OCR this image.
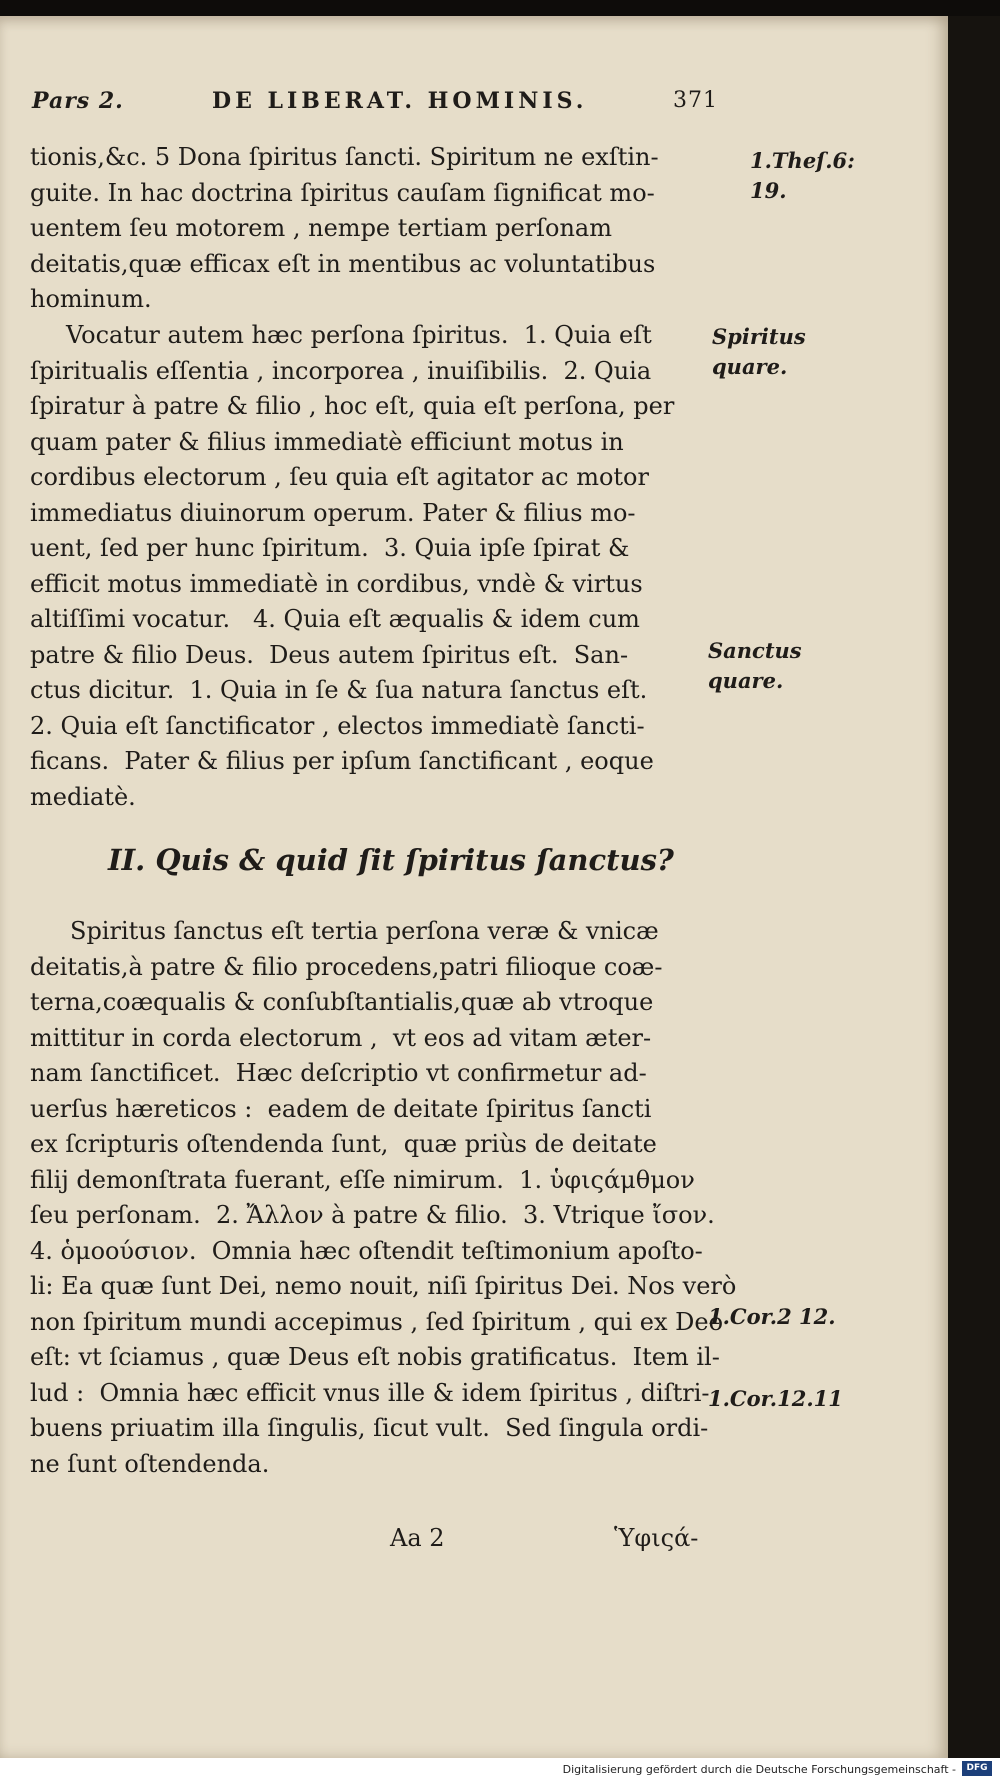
Pars 2.	DE LIBERAT. HOMINIS.	371

tionis,&c. 5 Dona ſpiritus ſancti. Spiritum ne exſtin-

guite. In hac doctrina ſpiritus cauſam ſignificat mo-

uentem ſeu motorem , nempe tertiam perſonam

deitatis,quæ efficax eſt in mentibus ac voluntatibus

hominum.

Vocatur autem hæc perſona ſpiritus.  1. Quia eſt

ſpiritualis eſſentia , incorporea , inuiſibilis.  2. Quia

ſpiratur à patre & filio , hoc eſt, quia eſt perſona, per

quam pater & filius immediatè efficiunt motus in

cordibus electorum , ſeu quia eſt agitator ac motor

immediatus diuinorum operum. Pater & filius mo-

uent, ſed per hunc ſpiritum.  3. Quia ipſe ſpirat &

efficit motus immediatè in cordibus, vndè & virtus

altiſſimi vocatur.   4. Quia eſt æqualis & idem cum

patre & filio Deus.  Deus autem ſpiritus eſt.  San-

ctus dicitur.  1. Quia in ſe & ſua natura ſanctus eſt.

2. Quia eſt ſanctificator , electos immediatè ſancti-

ficans.  Pater & filius per ipſum ſanctificant , eoque

mediatè.

II. Quis & quid ſit ſpiritus ſanctus?

Spiritus ſanctus eſt tertia perſona veræ & vnicæ

deitatis,à patre & filio procedens,patri filioque coæ-

terna,coæqualis & conſubſtantialis,quæ ab vtroque

mittitur in corda electorum ,  vt eos ad vitam æter-

nam ſanctificet.  Hæc deſcriptio vt confirmetur ad-

uerſus hæreticos :  eadem de deitate ſpiritus ſancti

ex ſcripturis oſtendenda ſunt,  quæ priùs de deitate

filij demonſtrata fuerant, eſſe nimirum.  1. ὑφιςάμθμον

ſeu perſonam.  2. Ἄλλον à patre & filio.  3. Vtrique ἴσον.

4. ὁμοούσιον.  Omnia hæc oſtendit teſtimonium apoſto-

li: Ea quæ ſunt Dei, nemo nouit, niſi ſpiritus Dei. Nos verò

non ſpiritum mundi accepimus , ſed ſpiritum , qui ex Deo

eſt: vt ſciamus , quæ Deus eſt nobis gratificatus.  Item il-

lud :  Omnia hæc efficit vnus ille & idem ſpiritus , diſtri-

buens priuatim illa ſingulis, ſicut vult.  Sed ſingula ordi-

ne ſunt oſtendenda.

1.Theſ.6:

19.

Spiritus

quare.

Sanctus

quare.

1.Cor.2 12.

1.Cor.12.11

Aa 2	Ὑφιςά-
Digitalisierung gefördert durch die Deutsche Forschungsgemeinschaft -	DFG
